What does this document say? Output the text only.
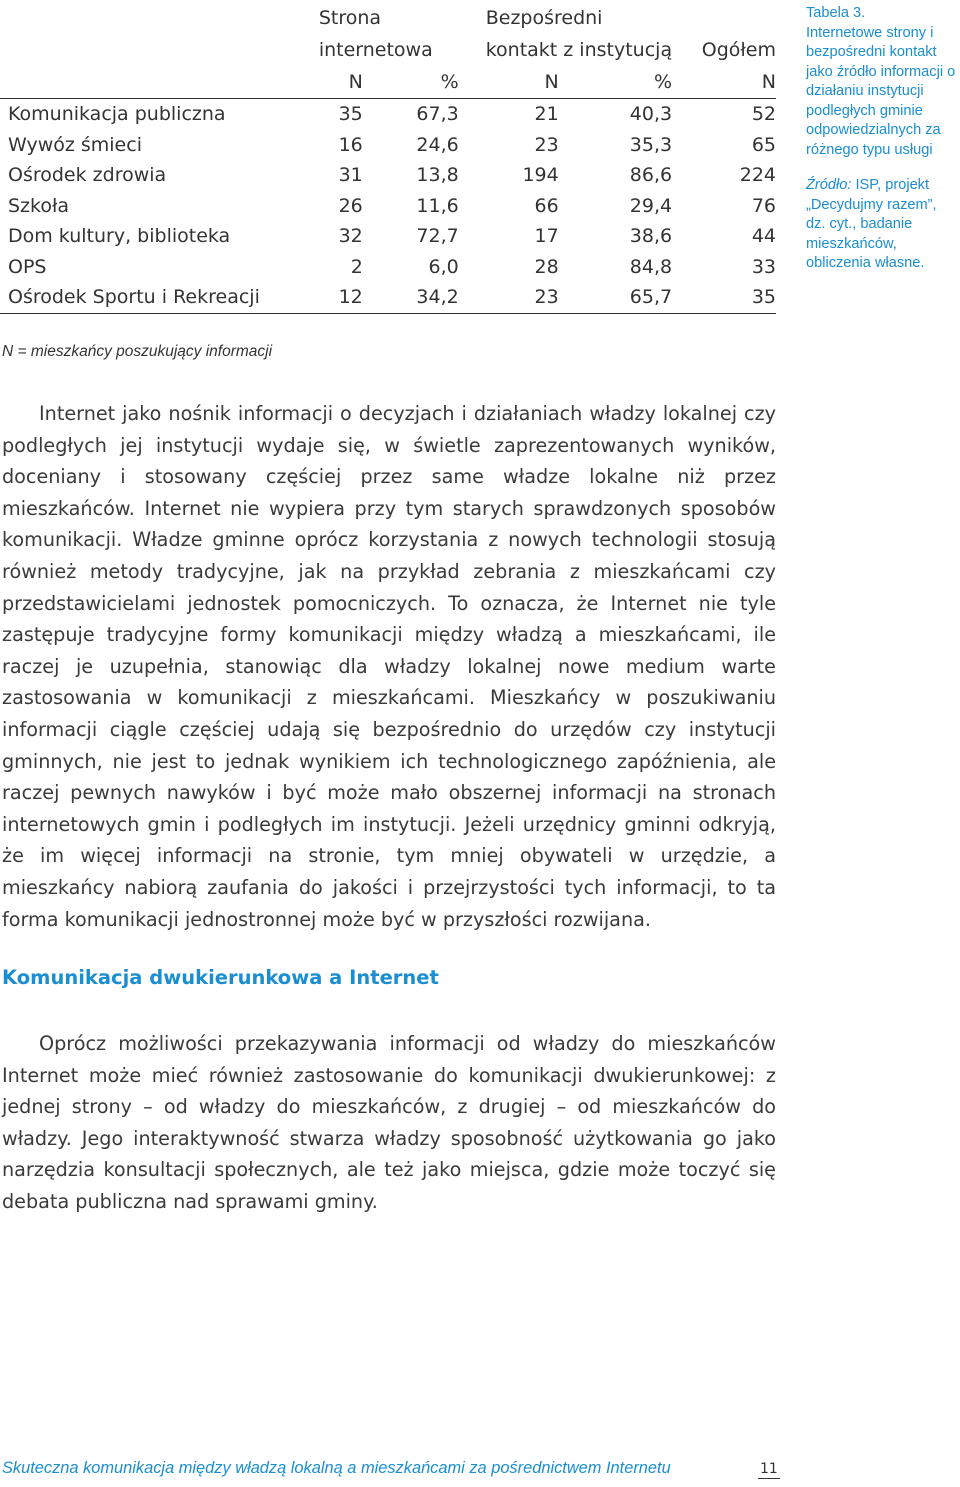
	Strona		Bezpośredni		
	internetowa		kontakt z instytucją		Ogółem
	N	%	N	%	N
Komunikacja publiczna	35	67,3	21	40,3	52
Wywóz śmieci	16	24,6	23	35,3	65
Ośrodek zdrowia	31	13,8	194	86,6	224
Szkoła	26	11,6	66	29,4	76
Dom kultury, biblioteka	32	72,7	17	38,6	44
OPS	2	6,0	28	84,8	33
Ośrodek Sportu i Rekreacji	12	34,2	23	65,7	35
Tabela 3.
Internetowe strony i bezpośredni kontakt jako źródło informacji o działaniu instytucji podległych gminie odpowiedzialnych za różnego typu usługi
Źródło: ISP, projekt „Decydujmy razem”, dz. cyt., badanie mieszkańców, obliczenia własne.
N = mieszkańcy poszukujący informacji

Internet jako nośnik informacji o decyzjach i działaniach władzy lokalnej czy podległych jej instytucji wydaje się, w świetle zaprezentowanych wyników, doceniany i stosowany częściej przez same władze lokalne niż przez mieszkańców. Internet nie wypiera przy tym starych sprawdzonych sposobów komunikacji. Władze gminne oprócz korzystania z nowych technologii stosują również metody tradycyjne, jak na przykład zebrania z mieszkańcami czy przedstawicielami jednostek pomocniczych. To oznacza, że Internet nie tyle zastępuje tradycyjne formy komunikacji między władzą a mieszkańcami, ile raczej je uzupełnia, stanowiąc dla władzy lokalnej nowe medium warte zastosowania w komunikacji z mieszkańcami. Mieszkańcy w poszukiwaniu informacji ciągle częściej udają się bezpośrednio do urzędów czy instytucji gminnych, nie jest to jednak wynikiem ich technologicznego zapóźnienia, ale raczej pewnych nawyków i być może mało obszernej informacji na stronach internetowych gmin i podległych im instytucji. Jeżeli urzędnicy gminni odkryją, że im więcej informacji na stronie, tym mniej obywateli w urzędzie, a mieszkańcy nabiorą zaufania do jakości i przejrzystości tych informacji, to ta forma komunikacji jednostronnej może być w przyszłości rozwijana.

Komunikacja dwukierunkowa a Internet

Oprócz możliwości przekazywania informacji od władzy do mieszkańców Internet może mieć również zastosowanie do komunikacji dwukierunkowej: z jednej strony – od władzy do mieszkańców, z drugiej – od mieszkańców do władzy. Jego interaktywność stwarza władzy sposobność użytkowania go jako narzędzia konsultacji społecznych, ale też jako miejsca, gdzie może toczyć się debata publiczna nad sprawami gminy.

Skuteczna komunikacja między władzą lokalną a mieszkańcami za pośrednictwem Internetu	11
